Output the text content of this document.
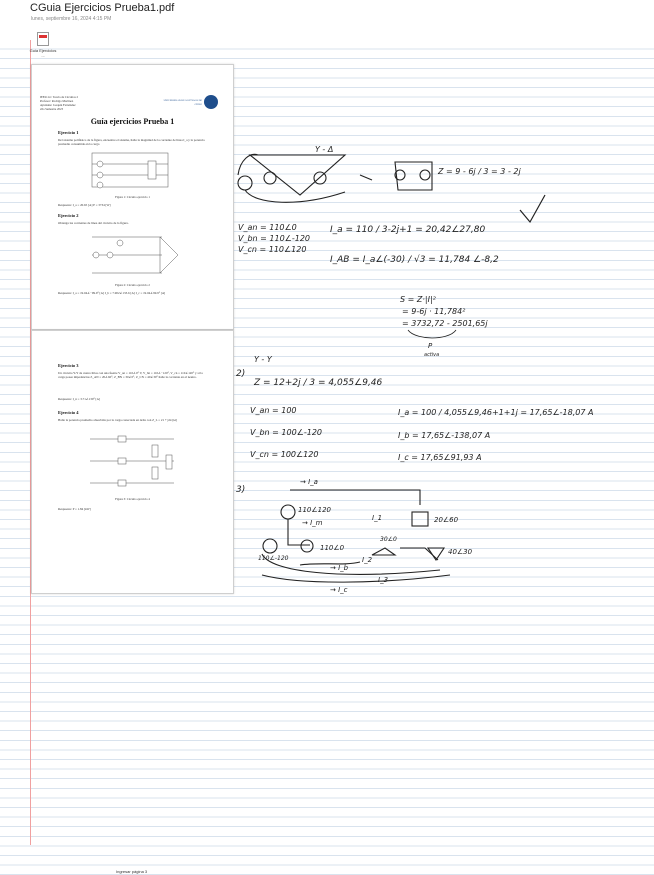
CGuia Ejercicios Prueba1.pdf
lunes, septiembre 16, 2024 4:15 PM
Guia Ejercicios ...
IEE2114 / Teoría de Circuitos 2
Profesor: Rodrigo Martínez
Ayudante: Joaquín Fernández
2do Semestre 2023
UNIVERSIDAD DE SANTIAGO DE CHILE
Guía ejercicios Prueba 1
Ejercicio 1
Del sistema polifásico de la figura, encuentre el sistema, halle la magnitud de la corriente de línea I_a y la potencia promedio consumida en la carga
Figura 1: Circuito ejercicio 1
Respuesta: I_a = 20.65 [A] P = 3734 [W]
Ejercicio 2
Obtenga las corrientes de línea del circuito de la figura.
Figura 2: Circuito ejercicio 2
Respuesta: I_a = 19.04∠−99.9° [A] I_b = 7.902∠133.6 [A] I_c = 19.04∠99.9° [A]
Ejercicio 3
Un circuito Y-Y de cuatro hilos con una fuente V_an = 110∠0° V, V_bn = 110∠−120°, V_cn = 110∠120° y si la carga posee impedancias Z_AN = 20∠60°, Z_BN = 30∠0°, Z_CN = 40∠30° halle la corriente en el neutro.
Respuesta: I_n = 3.71∠130° [A]
Ejercicio 4
Halle la potencia promedio absorbida por la carga conectada en delta con Z_L = 21 + j24 [Ω]
Figura 3: Circuito ejercicio 4
Respuesta: P = 1.84 [kW]
Y - Δ
Z = 9 - 6j / 3 = 3 - 2j
V_an = 110∠0
V_bn = 110∠-120
V_cn = 110∠120
I_a = 110 / 3-2j+1 = 20,42∠27,80
I_AB = I_a∠(-30) / √3 = 11,784 ∠-8,2
S = Z·|I|²
= 9-6j · 11,784²
= 3732,72 - 2501,65j
P
activa
2)
Y - Y
Z = 12+2j / 3 = 4,055∠9,46
V_an = 100
V_bn = 100∠-120
V_cn = 100∠120
I_a = 100 / 4,055∠9,46+1+1j = 17,65∠-18,07 A
I_b = 17,65∠-138,07 A
I_c = 17,65∠91,93 A
3)
→ I_a
→ I_m
→ I_b
→ I_c
110∠120
110∠0
110∠-120
20∠60
30∠0
40∠30
I_1
I_2
I_3
Ingresar página 3
